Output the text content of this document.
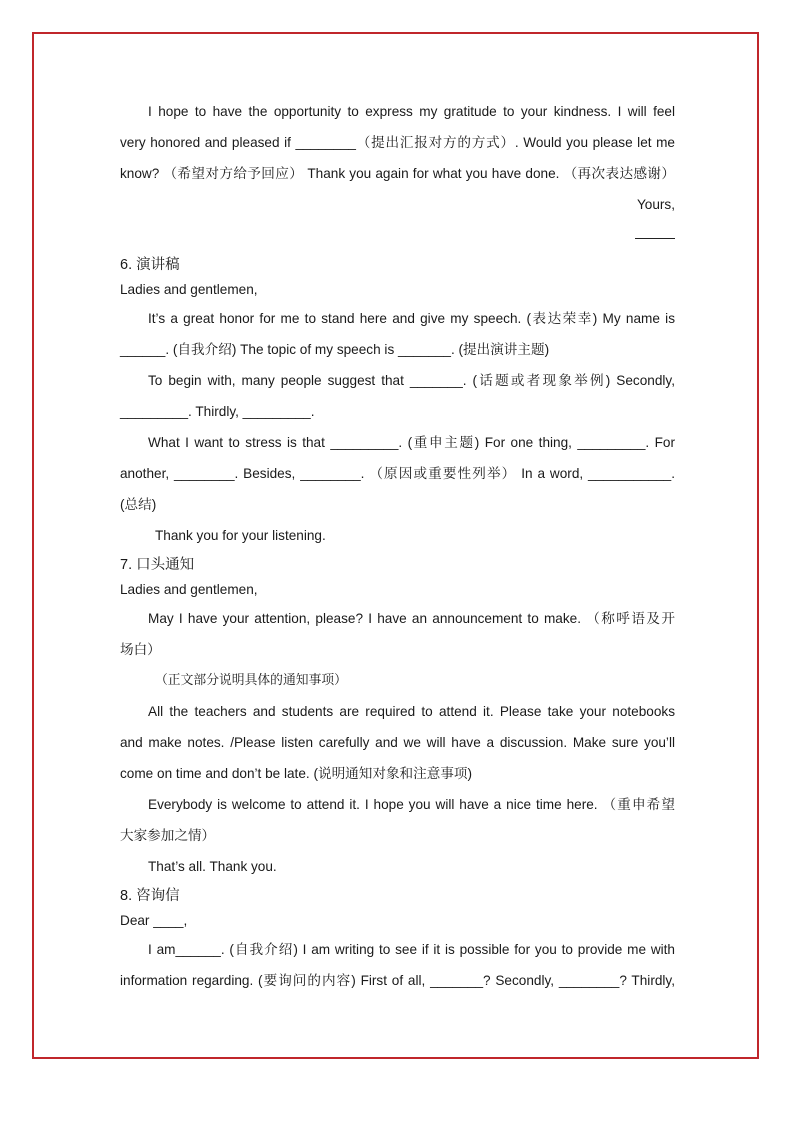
I hope to have the opportunity to express my gratitude to your kindness. I will feel
very honored and pleased if ________（提出汇报对方的方式）. Would you please let me
know? （希望对方给予回应） Thank you again for what you have done. （再次表达感谢）
Yours,
6. 演讲稿
Ladies and gentlemen,
It’s a great honor for me to stand here and give my speech. (表达荣幸) My name is
______. (自我介绍) The topic of my speech is _______. (提出演讲主题)
To begin with, many people suggest that _______. (话题或者现象举例) Secondly,
_________. Thirdly, _________.
What I want to stress is that _________. (重申主题) For one thing, _________. For
another, ________. Besides, ________. （原因或重要性列举） In a word, ___________.
(总结)
Thank you for your listening.
7. 口头通知
Ladies and gentlemen,
May I have your attention, please? I have an announcement to make. （称呼语及开
场白）
（正文部分说明具体的通知事项）
All the teachers and students are required to attend it. Please take your notebooks
and make notes. /Please listen carefully and we will have a discussion. Make sure you’ll
come on time and don’t be late. (说明通知对象和注意事项)
Everybody is welcome to attend it. I hope you will have a nice time here. （重申希望
大家参加之情）
That’s all. Thank you.
8. 咨询信
Dear ____,
I am______. (自我介绍) I am writing to see if it is possible for you to provide me with
information regarding. (要询问的内容) First of all, _______? Secondly, ________? Thirdly,
